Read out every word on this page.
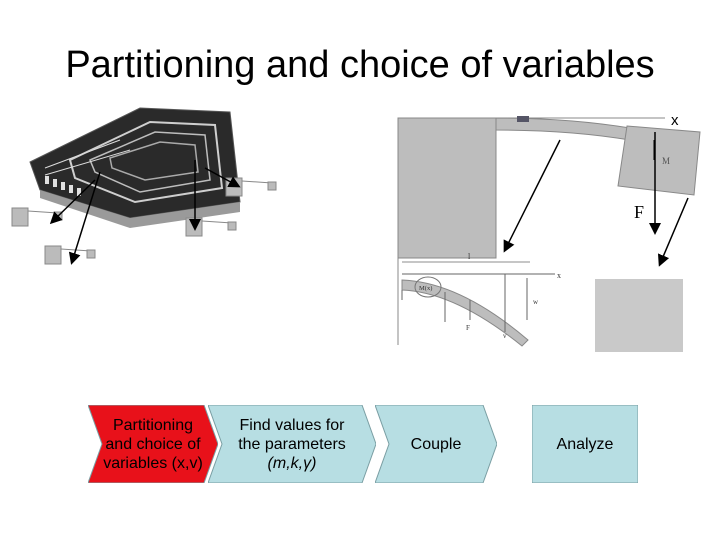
Partitioning and choice of variables
M
F
l
x
M(x)
w
v
F
x
Partitioning
and choice of
variables (x,v)
Find values for
the parameters
(m,k,γ)
Couple	Analyze
